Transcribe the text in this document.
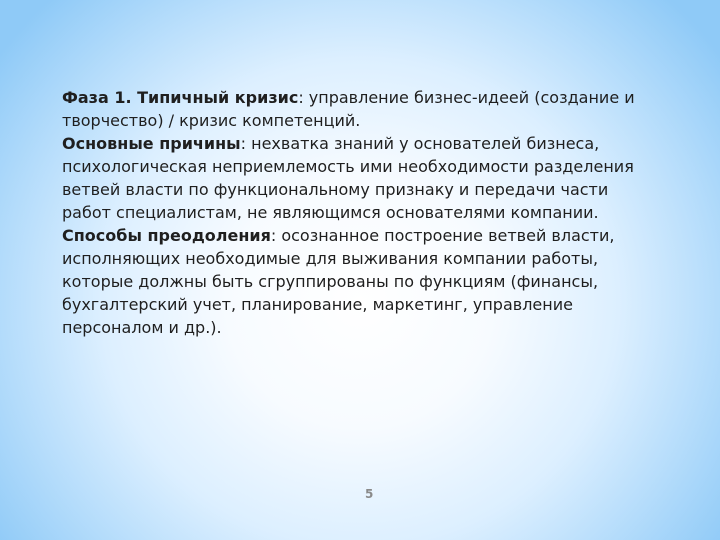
Фаза 1. Типичный кризис: управление бизнес-идеей (создание и творчество) / кризис компетенций.

Основные причины: нехватка знаний у основателей бизнеса, психологическая неприемлемость ими необходимости разделения ветвей власти по функциональному признаку и передачи части работ специалистам, не являющимся основателями компании.

Способы преодоления: осознанное построение ветвей власти, исполняющих необходимые для выживания компании работы, которые должны быть сгруппированы по функциям (финансы, бухгалтерский учет, планирование, маркетинг, управление персоналом и др.).

5
